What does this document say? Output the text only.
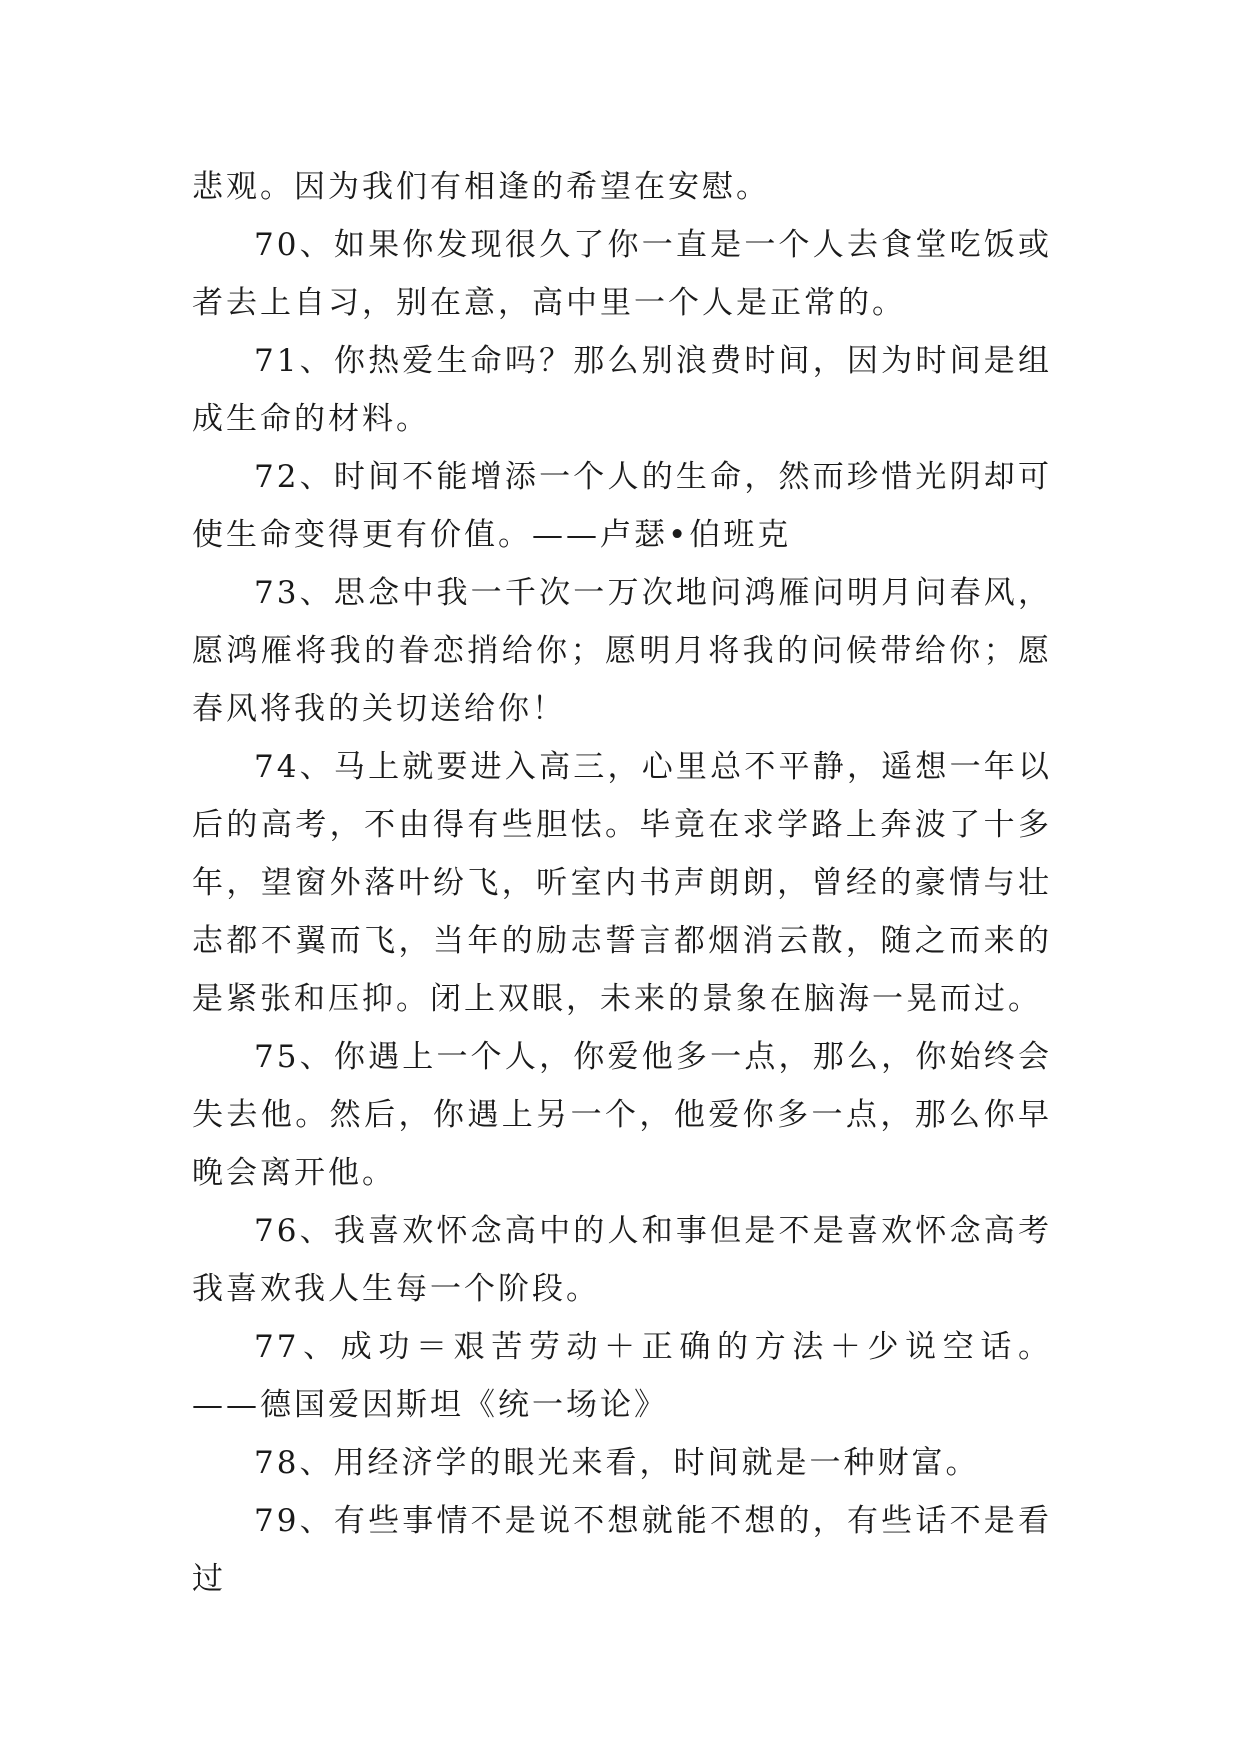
悲观。因为我们有相逢的希望在安慰。

70、如果你发现很久了你一直是一个人去食堂吃饭或者去上自习，别在意，高中里一个人是正常的。

71、你热爱生命吗？那么别浪费时间，因为时间是组成生命的材料。

72、时间不能增添一个人的生命，然而珍惜光阴却可使生命变得更有价值。——卢瑟•伯班克

73、思念中我一千次一万次地问鸿雁问明月问春风，愿鸿雁将我的眷恋捎给你；愿明月将我的问候带给你；愿春风将我的关切送给你！

74、马上就要进入高三，心里总不平静，遥想一年以后的高考，不由得有些胆怯。毕竟在求学路上奔波了十多年，望窗外落叶纷飞，听室内书声朗朗，曾经的豪情与壮志都不翼而飞，当年的励志誓言都烟消云散，随之而来的是紧张和压抑。闭上双眼，未来的景象在脑海一晃而过。

75、你遇上一个人，你爱他多一点，那么，你始终会失去他。然后，你遇上另一个，他爱你多一点，那么你早晚会离开他。

76、我喜欢怀念高中的人和事但是不是喜欢怀念高考我喜欢我人生每一个阶段。

77、成功＝艰苦劳动＋正确的方法＋少说空话。 ——德国爱因斯坦《统一场论》

78、用经济学的眼光来看，时间就是一种财富。

79、有些事情不是说不想就能不想的，有些话不是看过
